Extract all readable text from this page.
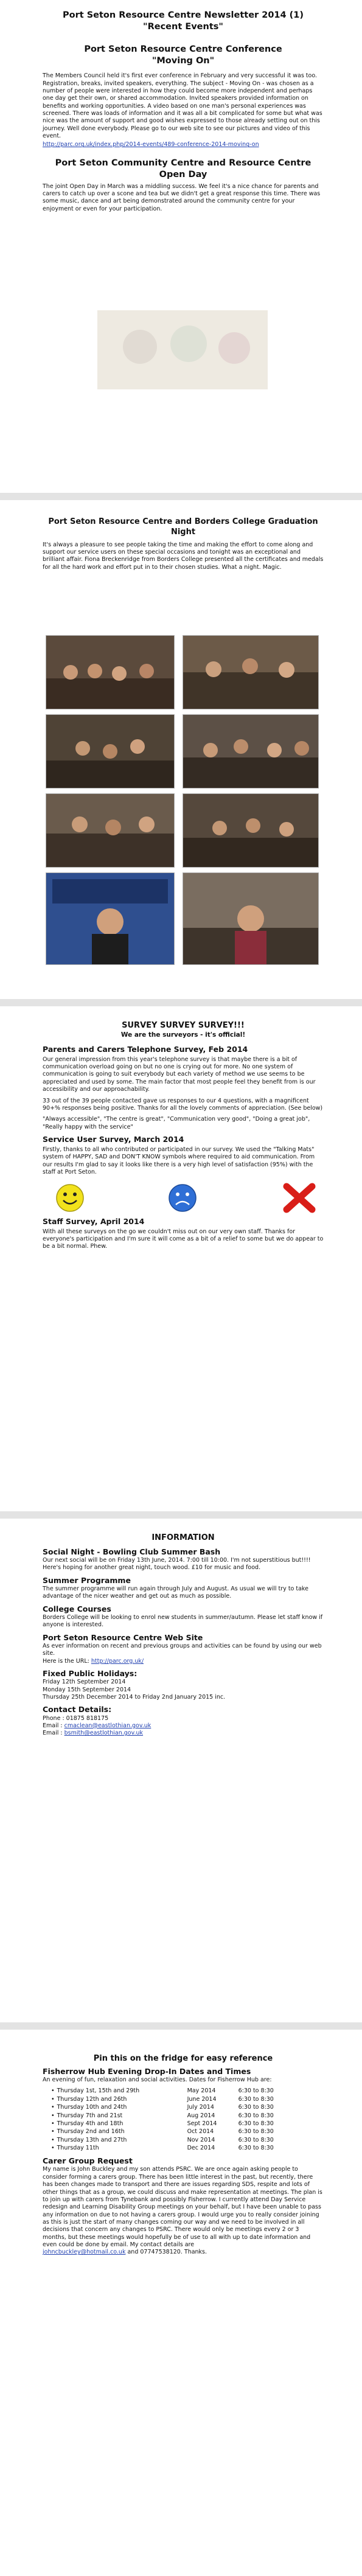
Port Seton Resource Centre Newsletter 2014 (1)
"Recent Events"
Port Seton Resource Centre Conference
"Moving On"
The Members Council held it's first ever conference in February and very successful it was too. Registration, breaks, invited speakers, everything. The subject - Moving On - was chosen as a number of people were interested in how they could become more independent and perhaps one day get their own, or shared accommodation. Invited speakers provided information on benefits and working opportunities. A video based on one man's personal experiences was screened. There was loads of information and it was all a bit complicated for some but what was nice was the amount of support and good wishes expressed to those already setting out on this journey. Well done everybody. Please go to our web site to see our pictures and video of this event.
http://parc.org.uk/index.php/2014-events/489-conference-2014-moving-on
Port Seton Community Centre and Resource Centre Open Day
The joint Open Day in March was a middling success. We feel it's a nice chance for parents and carers to catch up over a scone and tea but we didn't get a great response this time. There was some music, dance and art being demonstrated around the community centre for your enjoyment or even for your participation.
Port Seton Resource Centre and Borders College Graduation Night
It's always a pleasure to see people taking the time and making the effort to come along and support our service users on these special occasions and tonight was an exceptional and brilliant affair. Fiona Breckenridge from Borders College presented all the certificates and medals for all the hard work and effort put in to their chosen studies. What a night. Magic.
SURVEY SURVEY SURVEY!!!
We are the surveyors - it's official!
Parents and Carers Telephone Survey, Feb 2014
Our general impression from this year's telephone survey is that maybe there is a bit of communication overload going on but no one is crying out for more. No one system of communication is going to suit everybody but each variety of method we use seems to be appreciated and used by some. The main factor that most people feel they benefit from is our accessibility and our approachability.
33 out of the 39 people contacted gave us responses to our 4 questions, with a magnificent 90+% responses being positive. Thanks for all the lovely comments of appreciation. (See below)
"Always accessible", "The centre is great", "Communication very good", "Doing a great job", "Really happy with the service"
Service User Survey, March 2014
Firstly, thanks to all who contributed or participated in our survey. We used the "Talking Mats" system of HAPPY, SAD and DON'T KNOW symbols where required to aid communication. From our results I'm glad to say it looks like there is a very high level of satisfaction (95%) with the staff at Port Seton.
Staff Survey, April 2014
With all these surveys on the go we couldn't miss out on our very own staff. Thanks for everyone's participation and I'm sure it will come as a bit of a relief to some but we do appear to be a bit normal. Phew.
INFORMATION
Social Night - Bowling Club Summer Bash
Our next social will be on Friday 13th June, 2014. 7:00 till 10:00. I'm not superstitious but!!!! Here's hoping for another great night, touch wood. £10 for music and food.
Summer Programme
The summer programme will run again through July and August. As usual we will try to take advantage of the nicer weather and get out as much as possible.
College Courses
Borders College will be looking to enrol new students in summer/autumn. Please let staff know if anyone is interested.
Port Seton Resource Centre Web Site
As ever information on recent and previous groups and activities can be found by using our web site.
Here is the URL: http://parc.org.uk/
Fixed Public Holidays:
Friday 12th September 2014
Monday 15th September 2014
Thursday 25th December 2014 to Friday 2nd January 2015 inc.
Contact Details:
Phone : 01875 818175
Email : cmaclean@eastlothian.gov.uk
Email : bsmith@eastlothian.gov.uk
Pin this on the fridge for easy reference
Fisherrow Hub Evening Drop-In Dates and Times
An evening of fun, relaxation and social activities. Dates for Fisherrow Hub are:
•	Thursday 1st, 15th and 29th	May 2014	6:30 to 8:30
•	Thursday 12th and 26th	June 2014	6:30 to 8:30
•	Thursday 10th and 24th	July 2014	6:30 to 8:30
•	Thursday 7th and 21st	Aug 2014	6:30 to 8:30
•	Thursday 4th and 18th	Sept 2014	6:30 to 8:30
•	Thursday 2nd and 16th	Oct 2014	6:30 to 8:30
•	Thursday 13th and 27th	Nov 2014	6:30 to 8:30
•	Thursday 11th	Dec 2014	6:30 to 8:30
Carer Group Request
My name is John Buckley and my son attends PSRC. We are once again asking people to consider forming a carers group. There has been little interest in the past, but recently, there has been changes made to transport and there are issues regarding SDS, respite and lots of other things that as a group, we could discuss and make representation at meetings. The plan is to join up with carers from Tynebank and possibly Fisherrow. I currently attend Day Service redesign and Learning Disability Group meetings on your behalf, but I have been unable to pass any information on due to not having a carers group. I would urge you to really consider joining as this is just the start of many changes coming our way and we need to be involved in all decisions that concern any changes to PSRC. There would only be meetings every 2 or 3 months, but these meetings would hopefully be of use to all with up to date information and even could be done by email. My contact details are
johncbuckley@hotmail.co.uk and 07747538120. Thanks.
